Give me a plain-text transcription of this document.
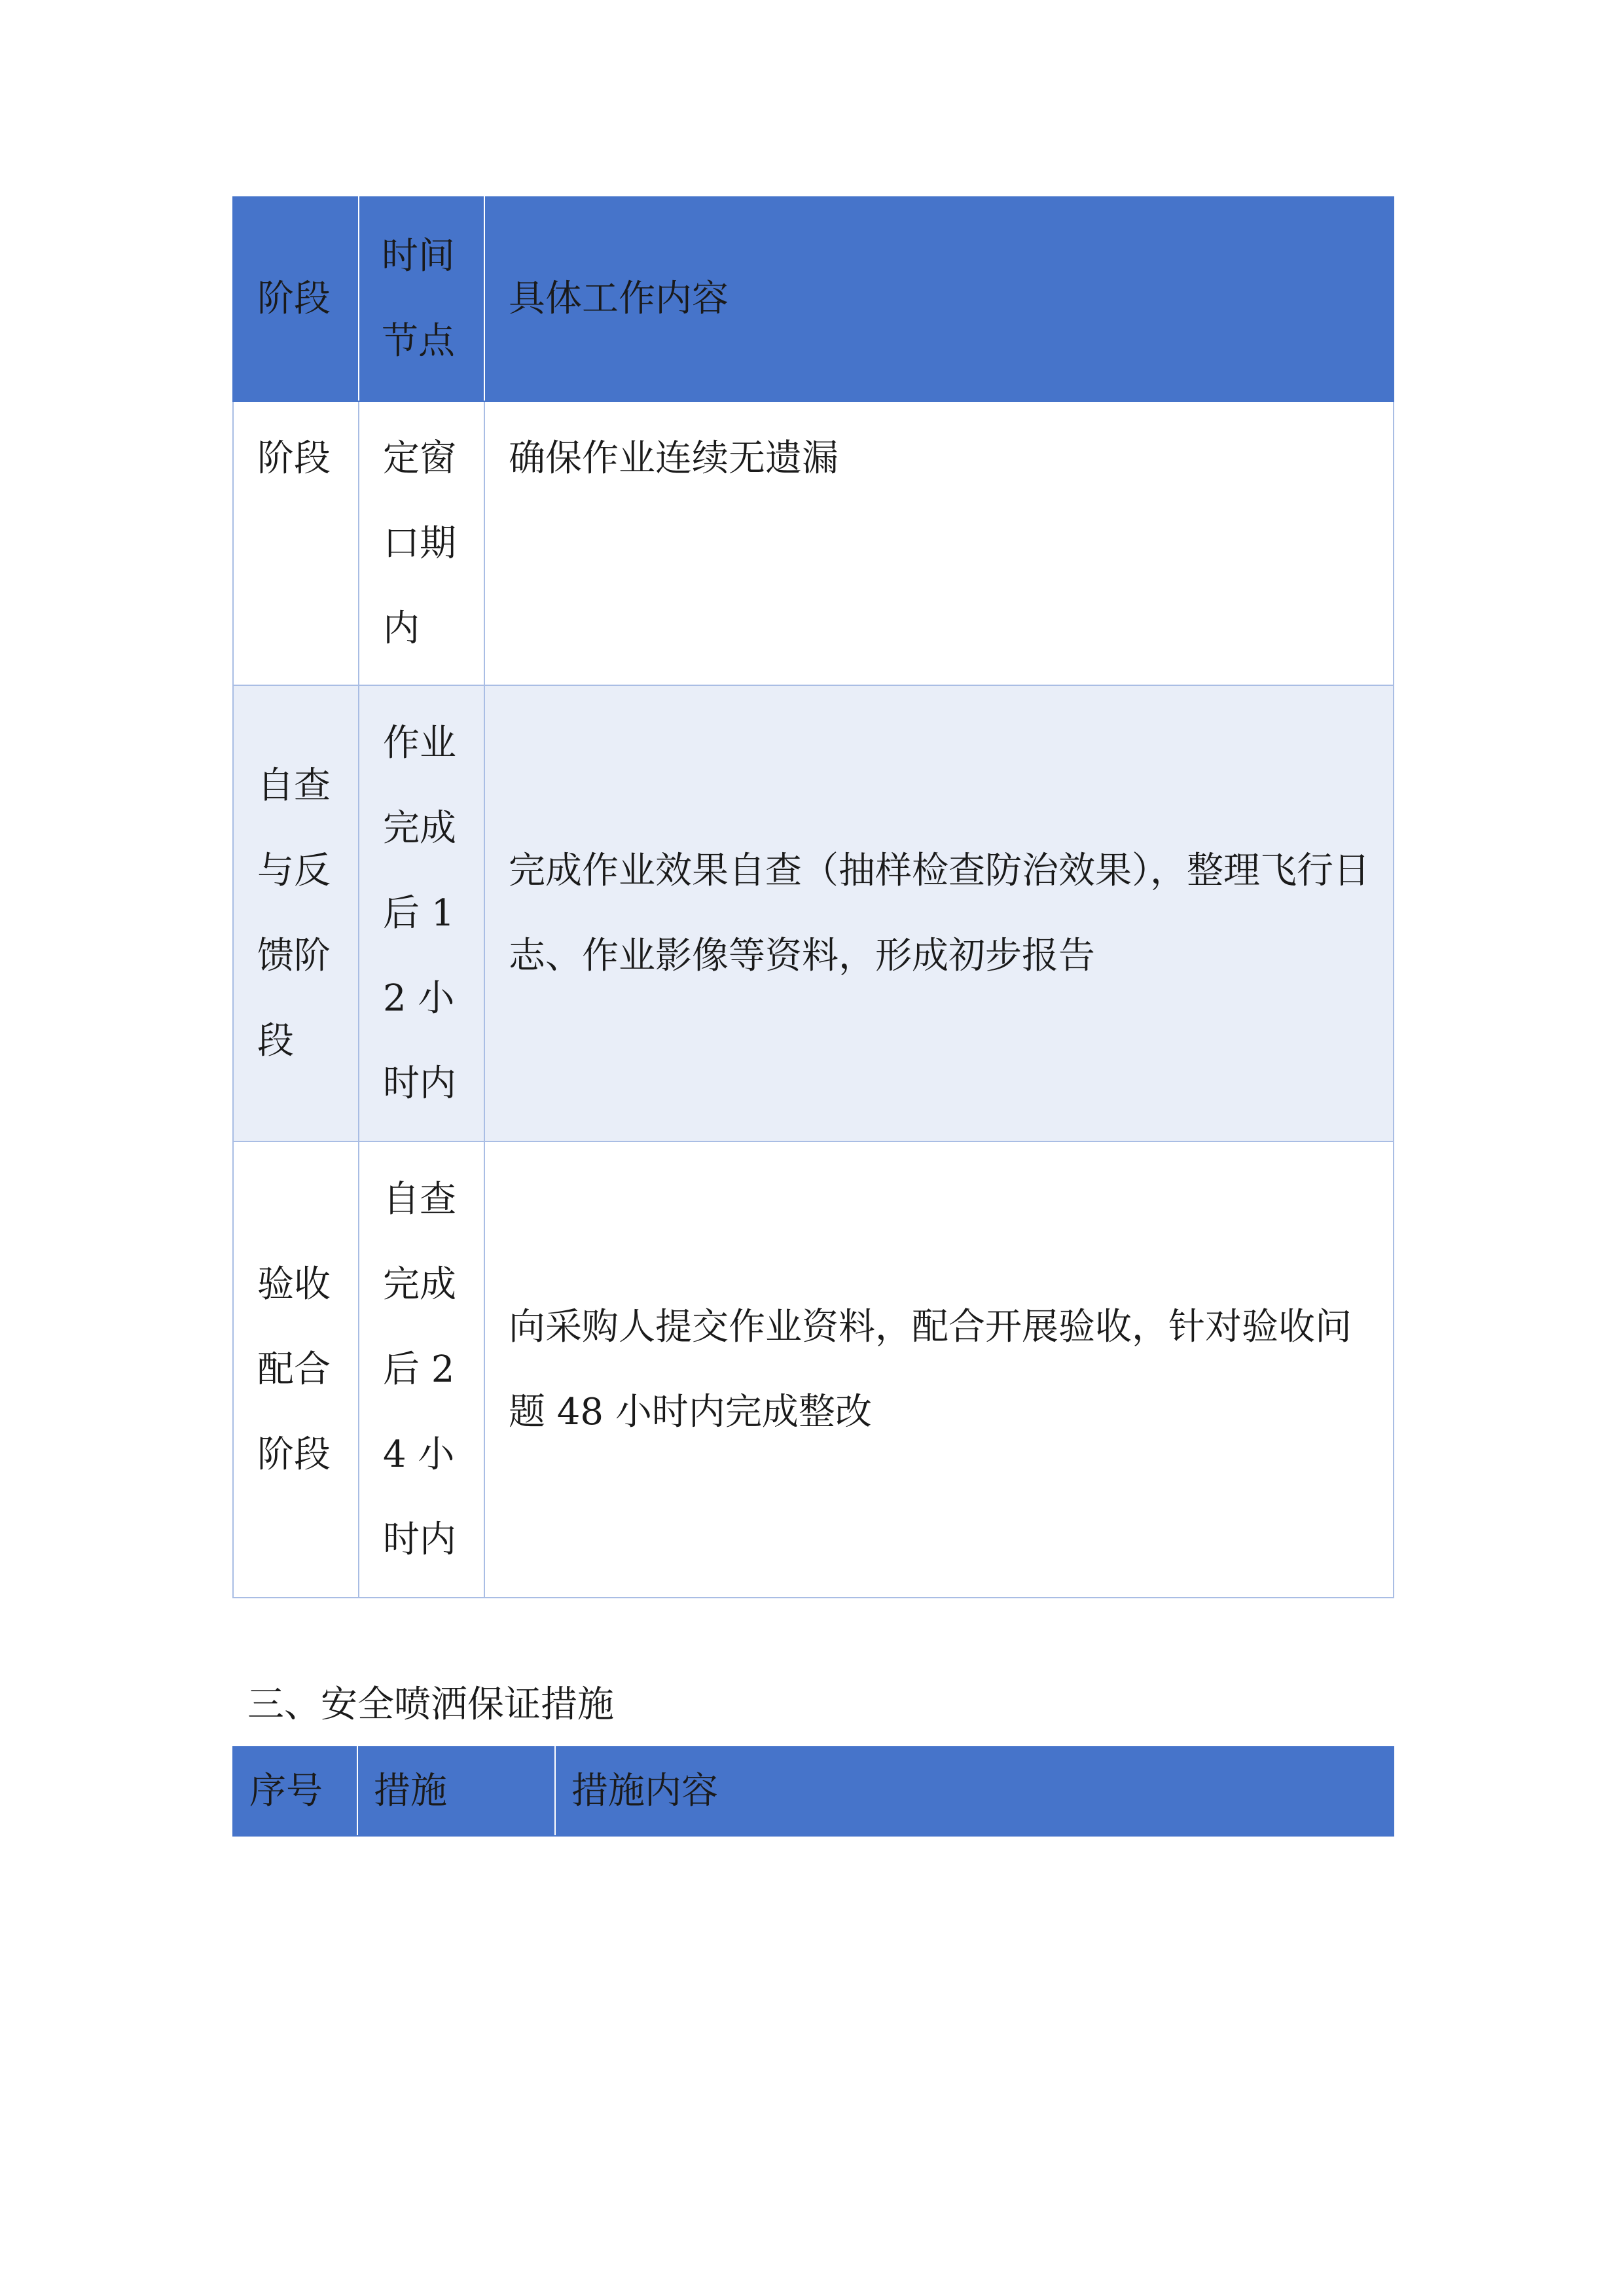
阶段	时间节点	具体工作内容
阶段	定窗口期内	确保作业连续无遗漏
自查与反馈阶段	作业完成后 12 小时内	完成作业效果自查（抽样检查防治效果），整理飞行日志、作业影像等资料，形成初步报告
验收配合阶段	自查完成后 24 小时内	向采购人提交作业资料，配合开展验收，针对验收问题 48 小时内完成整改
三、安全喷洒保证措施
序号	措施	措施内容
